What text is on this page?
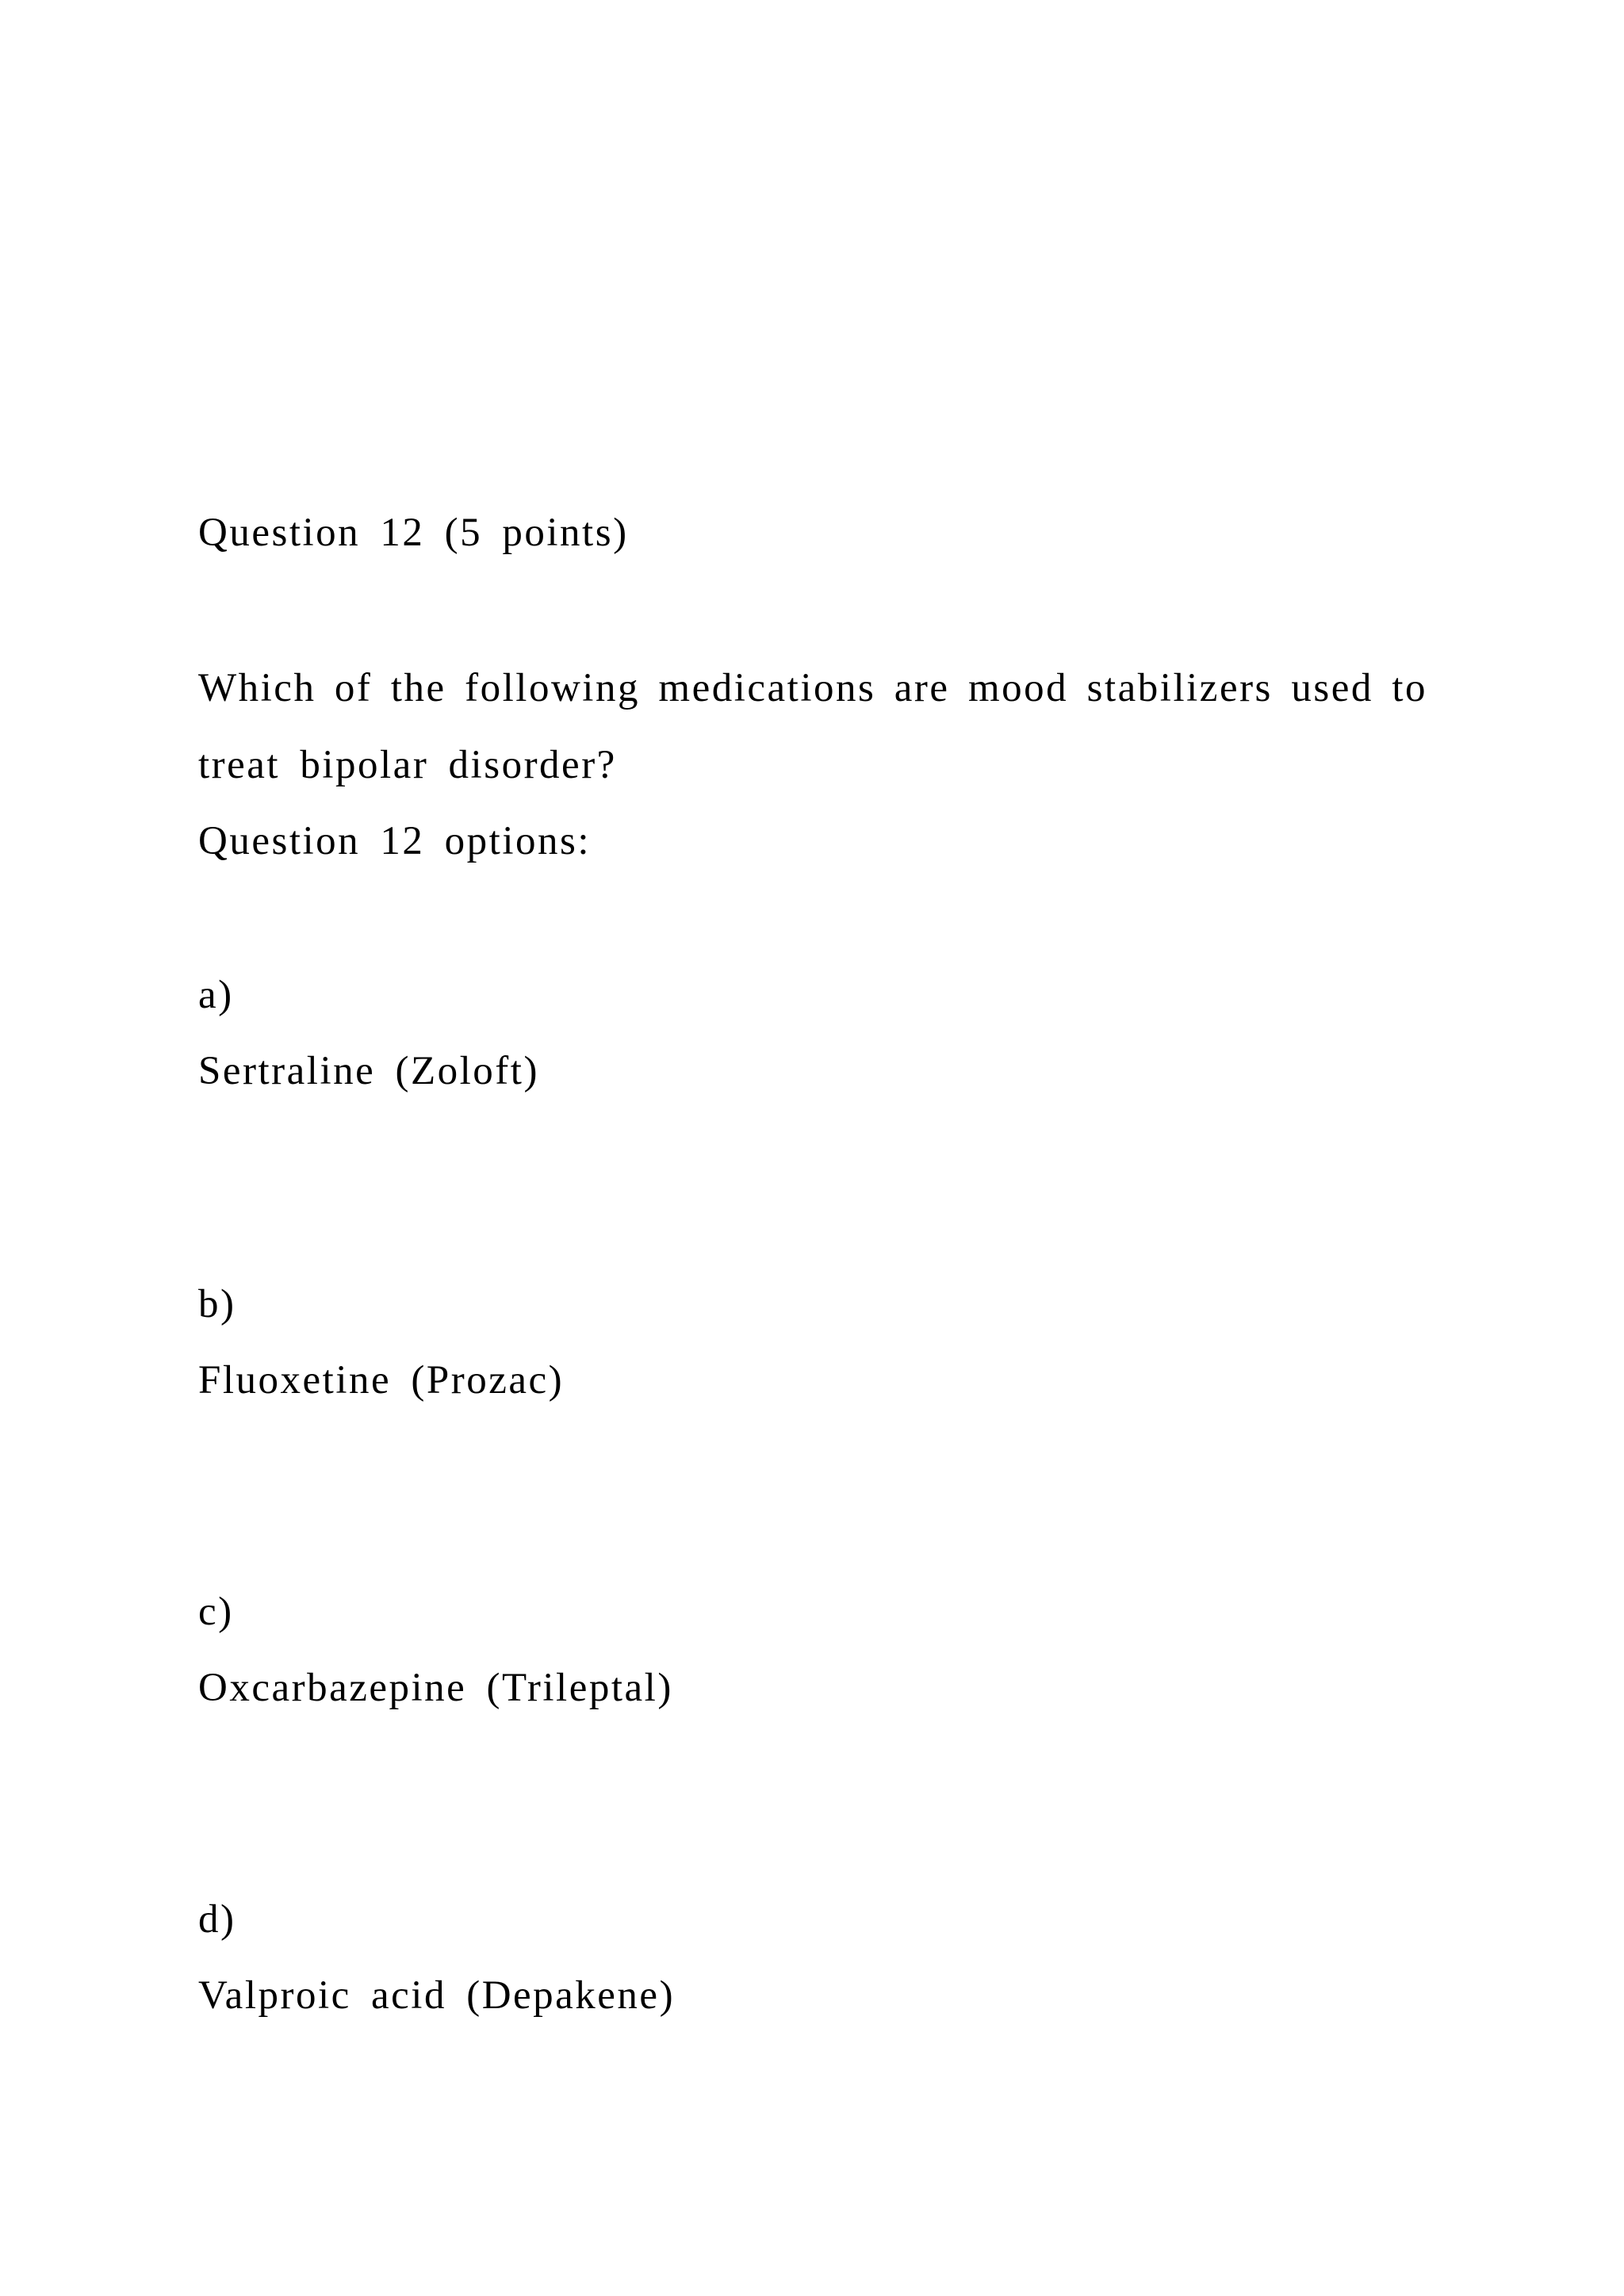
Question 12 (5 points)
Which of the following medications are mood stabilizers used to
treat bipolar disorder?
Question 12 options:
a)
Sertraline (Zoloft)
b)
Fluoxetine (Prozac)
c)
Oxcarbazepine (Trileptal)
d)
Valproic acid (Depakene)
